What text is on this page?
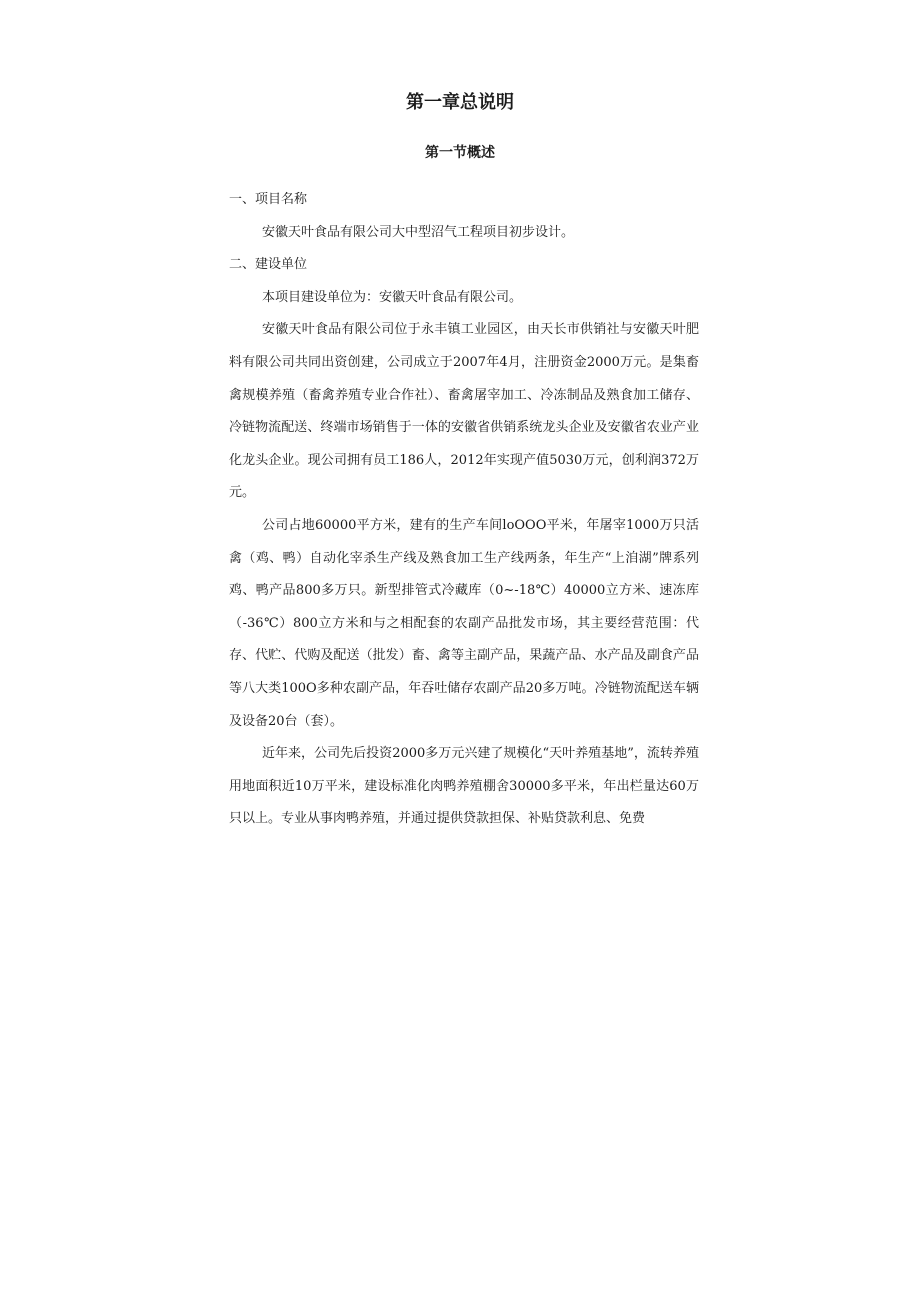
第一章总说明
第一节概述

一、项目名称

安徽天叶食品有限公司大中型沼气工程项目初步设计。

二、建设单位

本项目建设单位为：安徽天叶食品有限公司。

安徽天叶食品有限公司位于永丰镇工业园区，由天长市供销社与安徽天叶肥料有限公司共同出资创建，公司成立于2007年4月，注册资金2000万元。是集畜禽规模养殖（畜禽养殖专业合作社）、畜禽屠宰加工、冷冻制品及熟食加工储存、冷链物流配送、终端市场销售于一体的安徽省供销系统龙头企业及安徽省农业产业化龙头企业。现公司拥有员工186人，2012年实现产值5030万元，创利润372万元。

公司占地60000平方米，建有的生产车间loOOO平米，年屠宰1000万只活禽（鸡、鸭）自动化宰杀生产线及熟食加工生产线两条，年生产“上洎湖”牌系列鸡、鸭产品800多万只。新型排管式冷藏库（0~-18℃）40000立方米、速冻库（-36℃）800立方米和与之相配套的农副产品批发市场，其主要经营范围：代存、代贮、代购及配送（批发）畜、禽等主副产品，果蔬产品、水产品及副食产品等八大类100O多种农副产品，年吞吐储存农副产品20多万吨。冷链物流配送车辆及设备20台（套）。

近年来，公司先后投资2000多万元兴建了规模化“天叶养殖基地”，流转养殖用地面积近10万平米，建设标准化肉鸭养殖棚舍30000多平米，年出栏量达60万只以上。专业从事肉鸭养殖，并通过提供贷款担保、补贴贷款利息、免费
